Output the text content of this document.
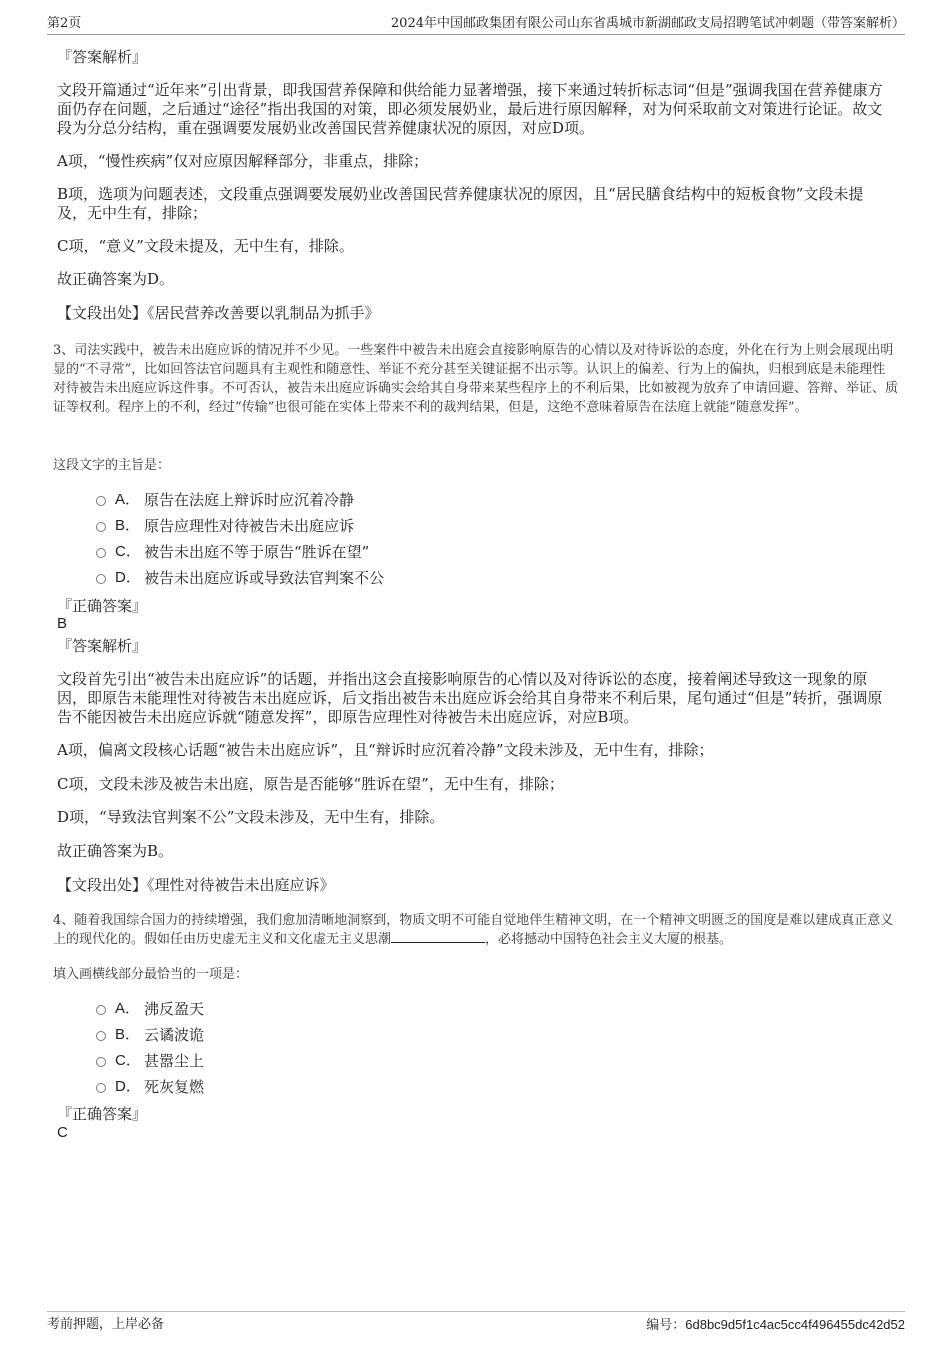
第2页	2024年中国邮政集团有限公司山东省禹城市新湖邮政支局招聘笔试冲刺题（带答案解析）
『答案解析』
文段开篇通过“近年来”引出背景，即我国营养保障和供给能力显著增强，接下来通过转折标志词“但是”强调我国在营养健康方面仍存在问题，之后通过“途径”指出我国的对策，即必须发展奶业，最后进行原因解释，对为何采取前文对策进行论证。故文段为分总分结构，重在强调要发展奶业改善国民营养健康状况的原因，对应D项。
A项，“慢性疾病”仅对应原因解释部分，非重点，排除；
B项，选项为问题表述，文段重点强调要发展奶业改善国民营养健康状况的原因，且“居民膳食结构中的短板食物”文段未提及，无中生有，排除；
C项，“意义”文段未提及，无中生有，排除。
故正确答案为D。
【文段出处】《居民营养改善要以乳制品为抓手》
3、司法实践中，被告未出庭应诉的情况并不少见。一些案件中被告未出庭会直接影响原告的心情以及对待诉讼的态度，外化在行为上则会展现出明显的“不寻常”，比如回答法官问题具有主观性和随意性、举证不充分甚至关键证据不出示等。认识上的偏差、行为上的偏执，归根到底是未能理性对待被告未出庭应诉这件事。不可否认，被告未出庭应诉确实会给其自身带来某些程序上的不利后果，比如被视为放弃了申请回避、答辩、举证、质证等权利。程序上的不利，经过“传输”也很可能在实体上带来不利的裁判结果，但是，这绝不意味着原告在法庭上就能“随意发挥”。
这段文字的主旨是：
A． 原告在法庭上辩诉时应沉着冷静
B． 原告应理性对待被告未出庭应诉
C． 被告未出庭不等于原告“胜诉在望”
D． 被告未出庭应诉或导致法官判案不公
『正确答案』
B
『答案解析』
文段首先引出“被告未出庭应诉”的话题，并指出这会直接影响原告的心情以及对待诉讼的态度，接着阐述导致这一现象的原因，即原告未能理性对待被告未出庭应诉，后文指出被告未出庭应诉会给其自身带来不利后果，尾句通过“但是”转折，强调原告不能因被告未出庭应诉就“随意发挥”，即原告应理性对待被告未出庭应诉，对应B项。
A项，偏离文段核心话题“被告未出庭应诉”，且“辩诉时应沉着冷静”文段未涉及，无中生有，排除；
C项，文段未涉及被告未出庭，原告是否能够“胜诉在望”，无中生有，排除；
D项，“导致法官判案不公”文段未涉及，无中生有，排除。
故正确答案为B。
【文段出处】《理性对待被告未出庭应诉》
4、随着我国综合国力的持续增强，我们愈加清晰地洞察到，物质文明不可能自觉地伴生精神文明，在一个精神文明匮乏的国度是难以建成真正意义上的现代化的。假如任由历史虚无主义和文化虚无主义思潮	，必将撼动中国特色社会主义大厦的根基。
填入画横线部分最恰当的一项是：
A． 沸反盈天
B． 云谲波诡
C． 甚嚣尘上
D． 死灰复燃
『正确答案』
C
考前押题，上岸必备	编号：6d8bc9d5f1c4ac5cc4f496455dc42d52
